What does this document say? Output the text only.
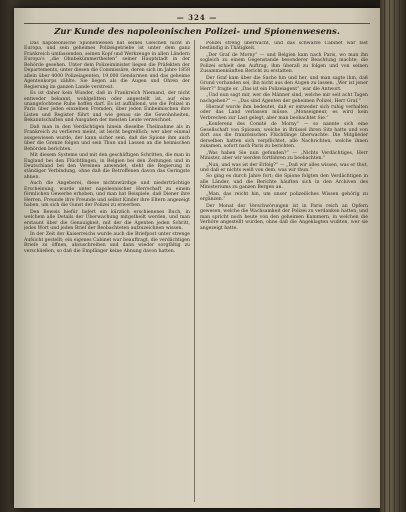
— 324 —
Zur Kunde des napoleonischen Polizei- und Spionenwesens.

Das napoleonische Spionenwesen hat seines Gleichen nicht in Europa, und sein geheimes Polizeigetriebe ist unter dem ganz Frankreich umfassenden, seinen Kopf und Werkzeuge in allen Ländern Europa's „die Ohnbekümmertheiten” seiner Hauptstadt in der Behörde gesehen. Unter dem Polizeiminister liegen die Präfekten der Departements, unter diesen die Commissäre, deren sich im Jahre 1858 allein über 4000 Polizeiagenten, 19,000 Gendarmen und das geheime Agentenkorps zählte. Sie liegen als die Augen und Ohren der Regierung im ganzen Lande verstreut.

Es ist daher kein Wunder, daß in Frankreich Niemand, der nicht entweder bekannt, wohlgelitten oder angestellt ist, auf eine unangefochtene Ruhe hoffen darf. Es ist auffallend, wie die Polizei in Paris über jeden einzelnen Fremden, über jeden Einheimischen ihre Listen und Register führt und wie genau sie die Gewohnheiten, Bekanntschaften und Ausgaben der meisten Leute verzeichnet.

Daß man in den Verdächtigen hinein dieselbe Theilnahme als in Frankreich zu verlieren meint, ist leicht begreiflich; wer aber einmal ausgewiesen wurde, der kann sicher sein, daß die Spione ihm auch über die Grenze folgen und sein Thun und Lassen an die heimischen Behörden berichten.

Mit diesem Systeme und mit den geschäftigen Schritten, die man in England bei den Flüchtlingen, in Belgien bei den Zeitungen und in Deutschland bei den Vereinen anwendet, steht die Regierung in ständiger Verbindung, ohne daß die Betroffenen davon das Geringste ahnen.

Auch die Angeberei, diese nichtswürdige und niederträchtige Erscheinung, wurde unter napoleonischer Herrschaft zu einem förmlichen Gewerbe erhoben, und man hat Beispiele, daß Diener ihre Herren, Freunde ihre Freunde und selbst Kinder ihre Eltern angezeigt haben, um sich die Gunst der Polizei zu erwerben.

Den Beweis hiefür liefert ein kürzlich erschienenes Buch, in welchem alle Details der Überwachung mitgetheilt werden, und man erstaunt über die Genauigkeit, mit der die Agenten jeden Schritt, jedes Wort und jeden Brief der Beobachteten aufzuzeichnen wissen.

In der Zeit der Kaiserreichs wurde auch die Briefpost unter strenge Aufsicht gestellt; ein eigenes Cabinet war beauftragt, die verdächtigen Briefe zu öffnen, abzuschreiben und dann wieder sorgfältig zu verschließen, so daß die Empfänger keine Ahnung davon hatten.

Polizei streng überwacht, und das schwarze Cabinet war fast beständig in Thätigkeit.

„Der Graf de Morny“ — und Belgien kam nach Paris, wo man ihn sogleich zu einem Gegenstande besonderer Beachtung machte; die Polizei erhielt den Auftrag, ihm überall zu folgen und von seinen Zusammenkünften Bericht zu erstatten.

Der Graf kam über die Sache hin und her, und man sagte ihm, daß Grund vorhanden sei, ihn nicht aus den Augen zu lassen. „Wer ist jener Herr?“ fragte er. „Das ist ein Polizeiagent“, war die Antwort.

„Und nun sagt mir, wer die Männer sind, welche mir seit acht Tagen nachgehen?“ — „Das sind Agenten der geheimen Polizei, Herr Graf.“

Hierauf wurde ihm bedeutet, daß er entweder sich ruhig verhalten oder das Land verlassen müsse. „Monseigneur, es wird kein Verbrechen zur Last gelegt, aber man beobachtet Sie.“

„Konferenz des Comité de Morny“ — so nannte sich eine Gesellschaft von Spionen, welche in Brüssel ihren Sitz hatte und von dort aus die französischen Flüchtlinge überwachte. Die Mitglieder derselben hatten sich verpflichtet, alle Nachrichten, welche ihnen zukamen, sofort nach Paris zu berichten.

„Was haben Sie nun gefunden?“ — „Nichts Verdächtiges, Herr Minister, aber wir werden fortfahren zu beobachten.“

„Nun, und was ist der Erfolg?“ — „Daß wir alles wissen, was er thut, und daß er nichts weiß von dem, was wir thun.“

So ging es durch Jahre fort; die Spione folgten den Verdächtigen in alle Länder, und die Berichte häuften sich in den Archiven des Ministeriums zu ganzen Bergen an.

„Man, das reicht hin, um unser polizeiliches Wissen gehörig zu ergänzen.“

Der Monat der Verschwörungen ist in Paris reich an Opfern gewesen, welche die Wachsamkeit der Polizei zu verdanken hatten, und man spricht noch heute von den geheimen Kammern, in welchen die Verhöre angestellt wurden, ohne daß die Angeklagten wußten, wer sie angezeigt hatte.
